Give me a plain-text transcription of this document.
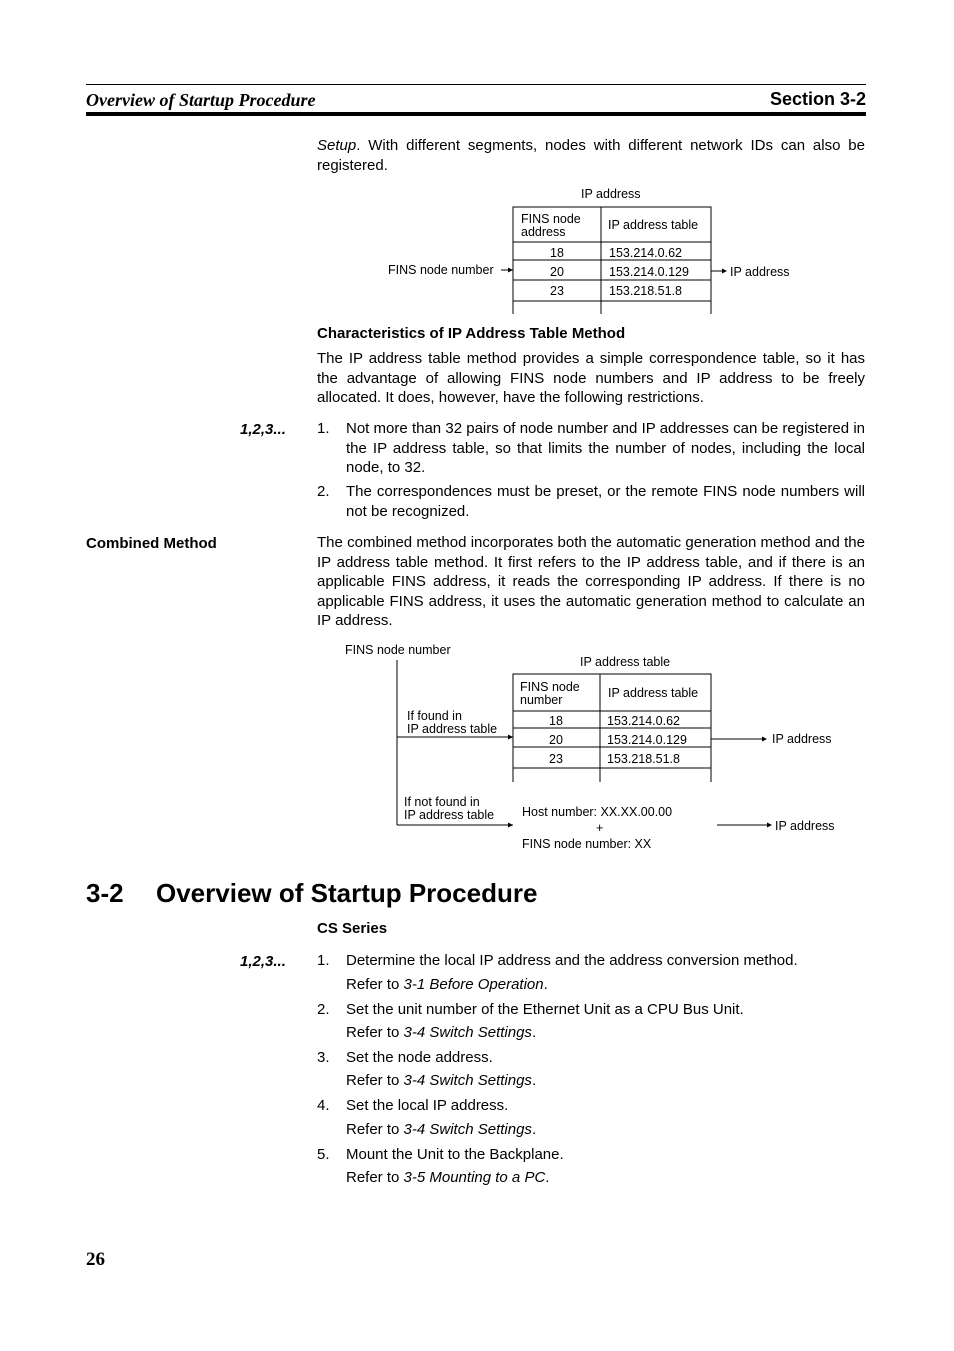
Overview of Startup Procedure	Section 3-2
Setup. With different segments, nodes with different network IDs can also be registered.
IP address
FINS node
address	IP address table
18	153.214.0.62
20	153.214.0.129
23	153.218.51.8
FINS node number	IP address
Characteristics of IP Address Table Method
The IP address table method provides a simple correspondence table, so it has the advantage of allowing FINS node numbers and IP address to be freely allocated. It does, however, have the following restrictions.
1,2,3... 1. Not more than 32 pairs of node number and IP addresses can be registered in the IP address table, so that limits the number of nodes, including the local node, to 32.
2. The correspondences must be preset, or the remote FINS node numbers will not be recognized.
Combined Method	The combined method incorporates both the automatic generation method and the IP address table method. It first refers to the IP address table, and if there is an applicable FINS address, it reads the corresponding IP address. If there is no applicable FINS address, it uses the automatic generation method to calculate an IP address.
FINS node number
IP address table
FINS node
number	IP address table
18	153.214.0.62
20	153.214.0.129
23	153.218.51.8
If found in
IP address table
If not found in
IP address table Host number: XX.XX.00.00
+
FINS node number: XX
IP address
IP address
3-2 Overview of Startup Procedure
CS Series
1,2,3... 1. Determine the local IP address and the address conversion method.
Refer to 3-1 Before Operation.
2. Set the unit number of the Ethernet Unit as a CPU Bus Unit.
Refer to 3-4 Switch Settings.
3. Set the node address.
Refer to 3-4 Switch Settings.
4. Set the local IP address.
Refer to 3-4 Switch Settings.
5. Mount the Unit to the Backplane.
Refer to 3-5 Mounting to a PC.
26
